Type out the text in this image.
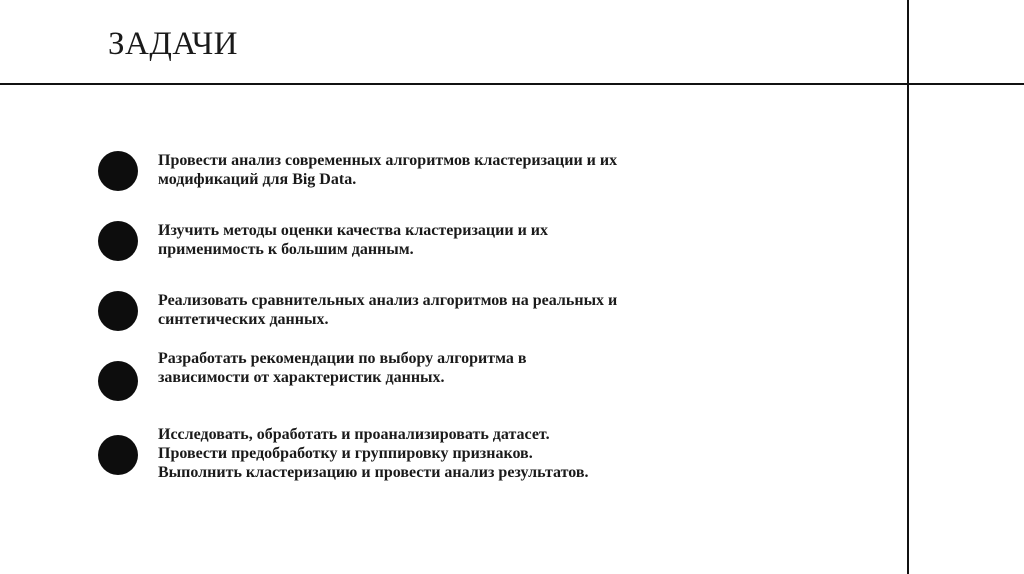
ЗАДАЧИ

Провести анализ современных алгоритмов кластеризации и их
модификаций для Big Data.

Изучить методы оценки качества кластеризации и их
применимость к большим данным.

Реализовать сравнительных анализ алгоритмов на реальных и
синтетических данных.

Разработать рекомендации по выбору алгоритма в
зависимости от характеристик данных.

Исследовать, обработать и проанализировать датасет.
Провести предобработку и группировку признаков.
Выполнить кластеризацию и провести анализ результатов.
